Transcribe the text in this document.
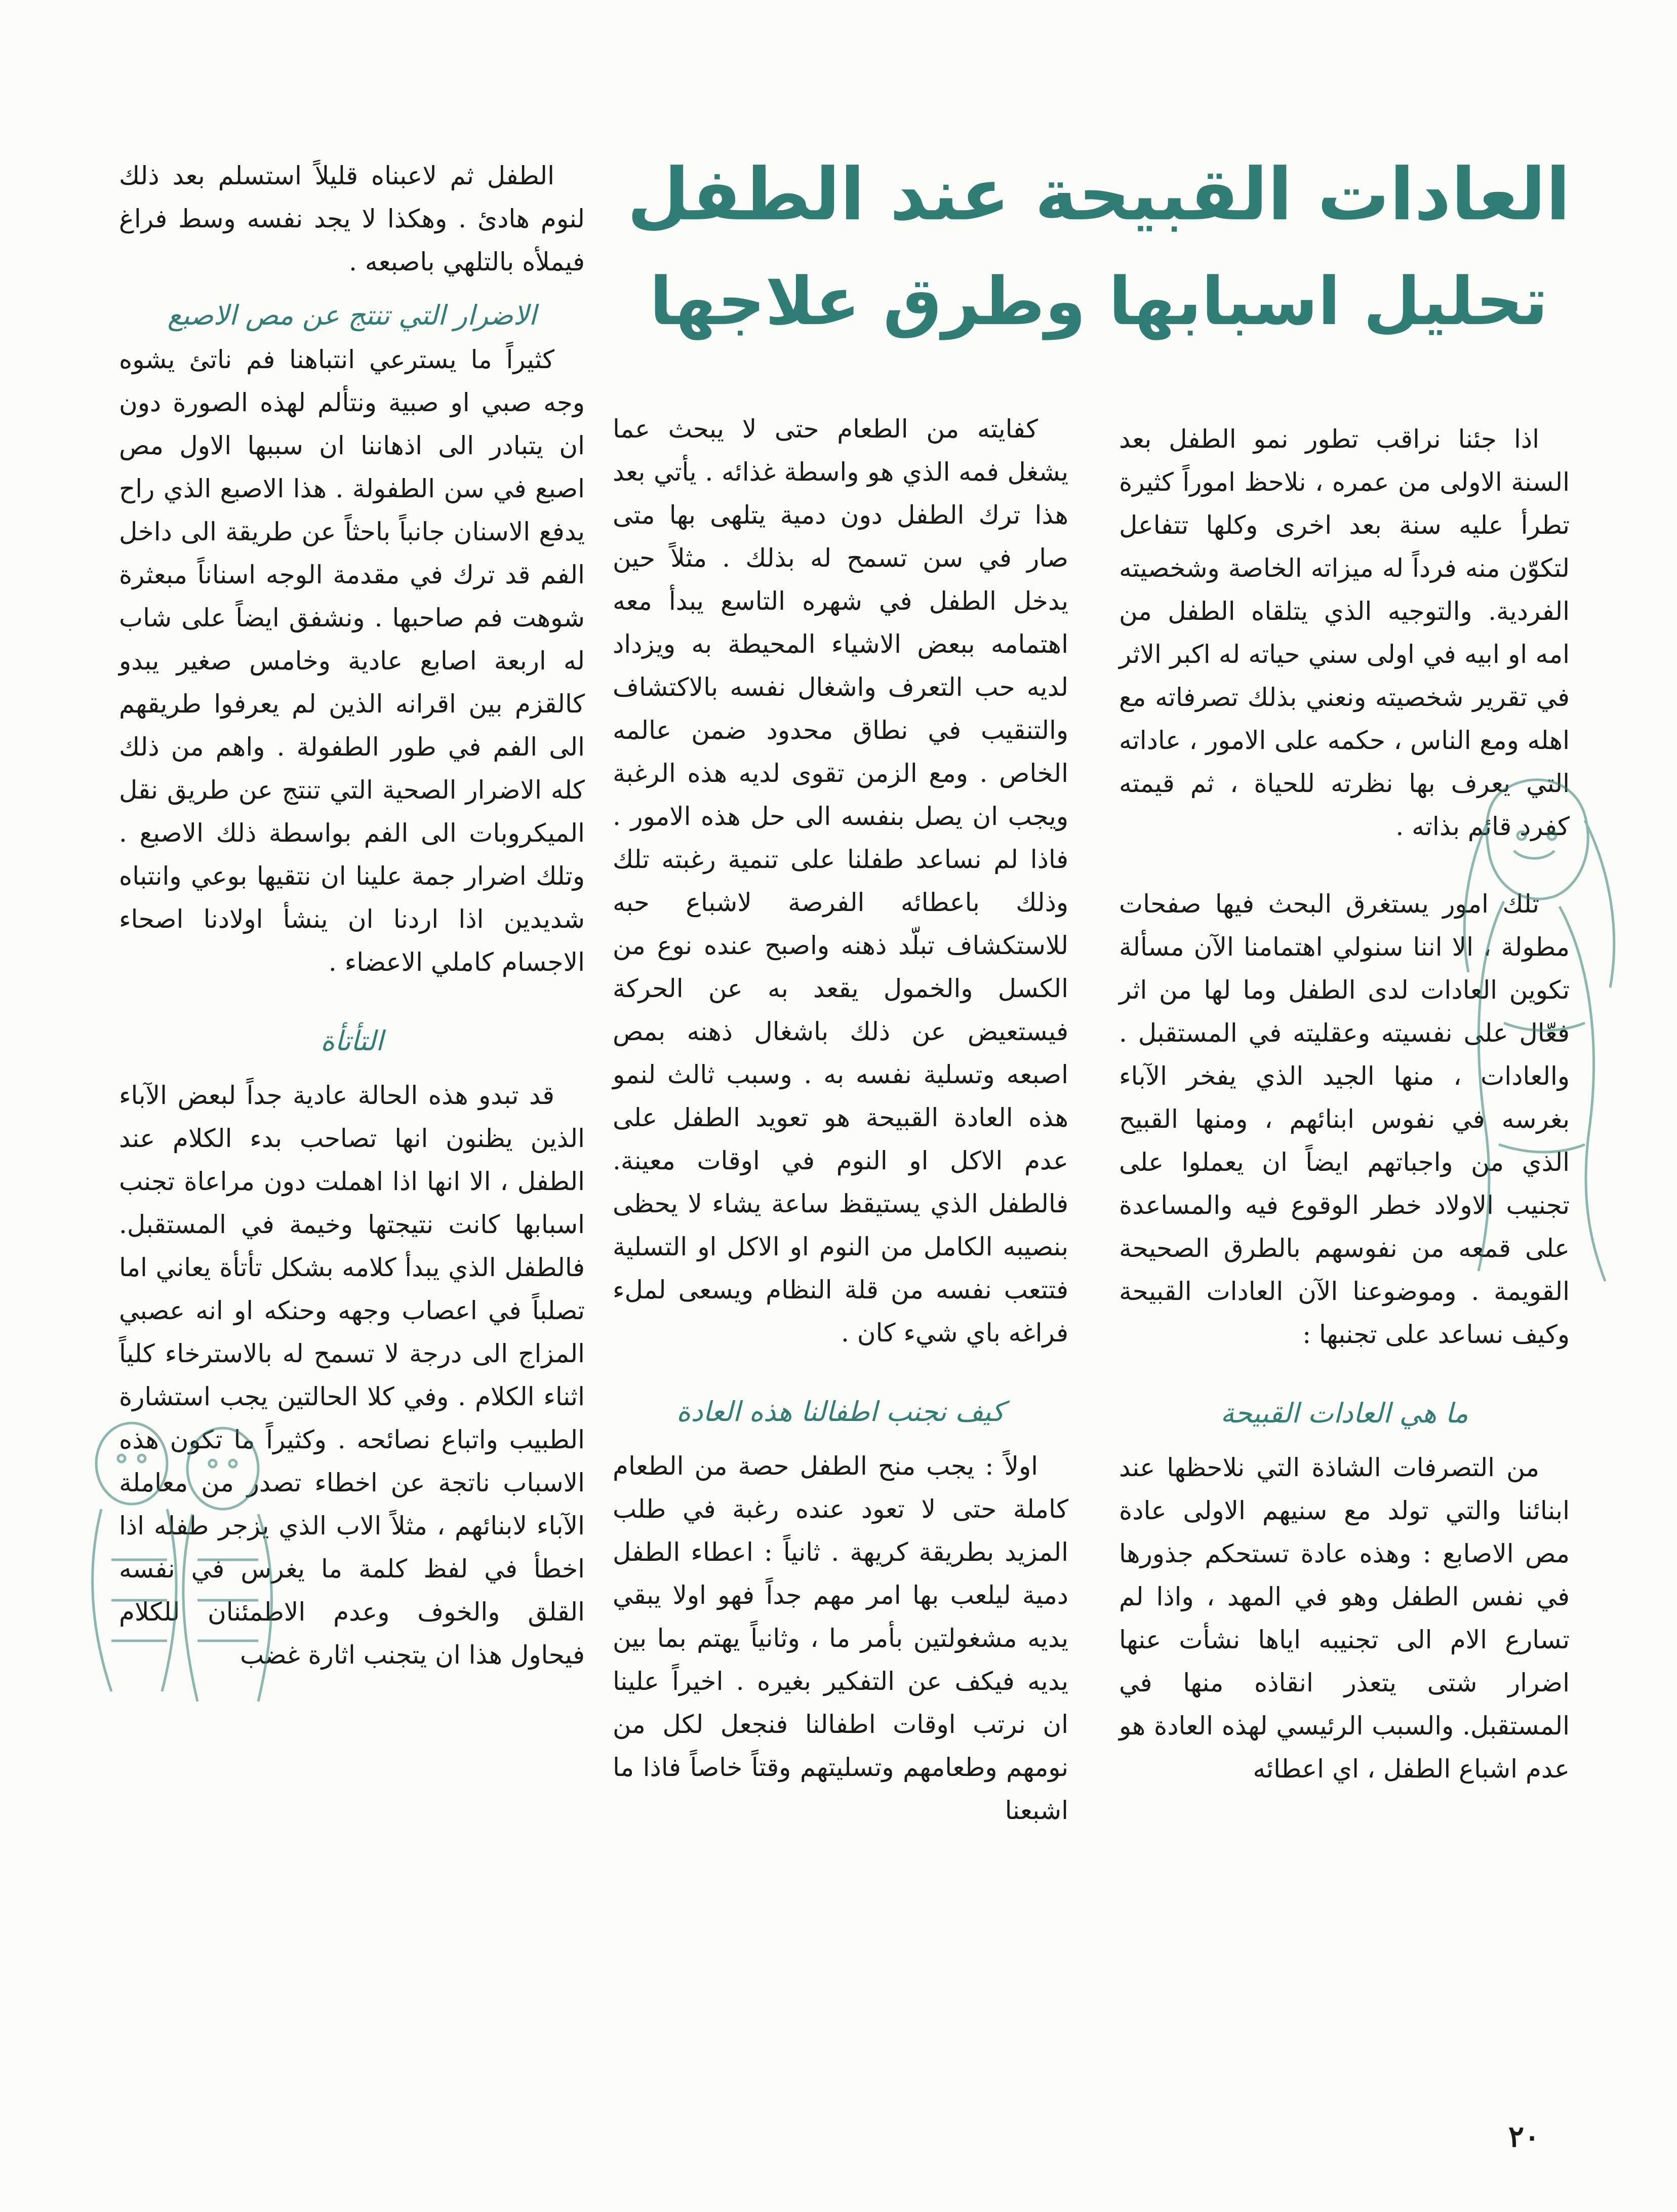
العادات القبيحة عند الطفل
تحليل اسبابها وطرق علاجها

اذا جئنا نراقب تطور نمو الطفل بعد السنة الاولى من عمره ، نلاحظ اموراً كثيرة تطرأ عليه سنة بعد اخرى وكلها تتفاعل لتكوّن منه فرداً له ميزاته الخاصة وشخصيته الفردية. والتوجيه الذي يتلقاه الطفل من امه او ابيه في اولى سني حياته له اكبر الاثر في تقرير شخصيته ونعني بذلك تصرفاته مع اهله ومع الناس ، حكمه على الامور ، عاداته التي يعرف بها نظرته للحياة ، ثم قيمته كفرد قائم بذاته .

تلك امور يستغرق البحث فيها صفحات مطولة ، الا اننا سنولي اهتمامنا الآن مسألة تكوين العادات لدى الطفل وما لها من اثر فعّال على نفسيته وعقليته في المستقبل . والعادات ، منها الجيد الذي يفخر الآباء بغرسه في نفوس ابنائهم ، ومنها القبيح الذي من واجباتهم ايضاً ان يعملوا على تجنيب الاولاد خطر الوقوع فيه والمساعدة على قمعه من نفوسهم بالطرق الصحيحة القويمة . وموضوعنا الآن العادات القبيحة وكيف نساعد على تجنبها :

ما هي العادات القبيحة

من التصرفات الشاذة التي نلاحظها عند ابنائنا والتي تولد مع سنيهم الاولى عادة مص الاصابع : وهذه عادة تستحكم جذورها في نفس الطفل وهو في المهد ، واذا لم تسارع الام الى تجنيبه اياها نشأت عنها اضرار شتى يتعذر انقاذه منها في المستقبل. والسبب الرئيسي لهذه العادة هو عدم اشباع الطفل ، اي اعطائه

كفايته من الطعام حتى لا يبحث عما يشغل فمه الذي هو واسطة غذائه . يأتي بعد هذا ترك الطفل دون دمية يتلهى بها متى صار في سن تسمح له بذلك . مثلاً حين يدخل الطفل في شهره التاسع يبدأ معه اهتمامه ببعض الاشياء المحيطة به ويزداد لديه حب التعرف واشغال نفسه بالاكتشاف والتنقيب في نطاق محدود ضمن عالمه الخاص . ومع الزمن تقوى لديه هذه الرغبة ويجب ان يصل بنفسه الى حل هذه الامور . فاذا لم نساعد طفلنا على تنمية رغبته تلك وذلك باعطائه الفرصة لاشباع حبه للاستكشاف تبلّد ذهنه واصبح عنده نوع من الكسل والخمول يقعد به عن الحركة فيستعيض عن ذلك باشغال ذهنه بمص اصبعه وتسلية نفسه به . وسبب ثالث لنمو هذه العادة القبيحة هو تعويد الطفل على عدم الاكل او النوم في اوقات معينة. فالطفل الذي يستيقظ ساعة يشاء لا يحظى بنصيبه الكامل من النوم او الاكل او التسلية فتتعب نفسه من قلة النظام ويسعى لملء فراغه باي شيء كان .

كيف نجنب اطفالنا هذه العادة

اولاً : يجب منح الطفل حصة من الطعام كاملة حتى لا تعود عنده رغبة في طلب المزيد بطريقة كريهة . ثانياً : اعطاء الطفل دمية ليلعب بها امر مهم جداً فهو اولا يبقي يديه مشغولتين بأمر ما ، وثانياً يهتم بما بين يديه فيكف عن التفكير بغيره . اخيراً علينا ان نرتب اوقات اطفالنا فنجعل لكل من نومهم وطعامهم وتسليتهم وقتاً خاصاً فاذا ما اشبعنا

الطفل ثم لاعبناه قليلاً استسلم بعد ذلك لنوم هادئ . وهكذا لا يجد نفسه وسط فراغ فيملأه بالتلهي باصبعه .

الاضرار التي تنتج عن مص الاصبع

كثيراً ما يسترعي انتباهنا فم ناتئ يشوه وجه صبي او صبية ونتألم لهذه الصورة دون ان يتبادر الى اذهاننا ان سببها الاول مص اصبع في سن الطفولة . هذا الاصبع الذي راح يدفع الاسنان جانباً باحثاً عن طريقة الى داخل الفم قد ترك في مقدمة الوجه اسناناً مبعثرة شوهت فم صاحبها . ونشفق ايضاً على شاب له اربعة اصابع عادية وخامس صغير يبدو كالقزم بين اقرانه الذين لم يعرفوا طريقهم الى الفم في طور الطفولة . واهم من ذلك كله الاضرار الصحية التي تنتج عن طريق نقل الميكروبات الى الفم بواسطة ذلك الاصبع . وتلك اضرار جمة علينا ان نتقيها بوعي وانتباه شديدين اذا اردنا ان ينشأ اولادنا اصحاء الاجسام كاملي الاعضاء .

التأتأة

قد تبدو هذه الحالة عادية جداً لبعض الآباء الذين يظنون انها تصاحب بدء الكلام عند الطفل ، الا انها اذا اهملت دون مراعاة تجنب اسبابها كانت نتيجتها وخيمة في المستقبل. فالطفل الذي يبدأ كلامه بشكل تأتأة يعاني اما تصلباً في اعصاب وجهه وحنكه او انه عصبي المزاج الى درجة لا تسمح له بالاسترخاء كلياً اثناء الكلام . وفي كلا الحالتين يجب استشارة الطبيب واتباع نصائحه . وكثيراً ما تكون هذه الاسباب ناتجة عن اخطاء تصدر من معاملة الآباء لابنائهم ، مثلاً الاب الذي يزجر طفله اذا اخطأ في لفظ كلمة ما يغرس في نفسه القلق والخوف وعدم الاطمئنان للكلام فيحاول هذا ان يتجنب اثارة غضب

٢٠
